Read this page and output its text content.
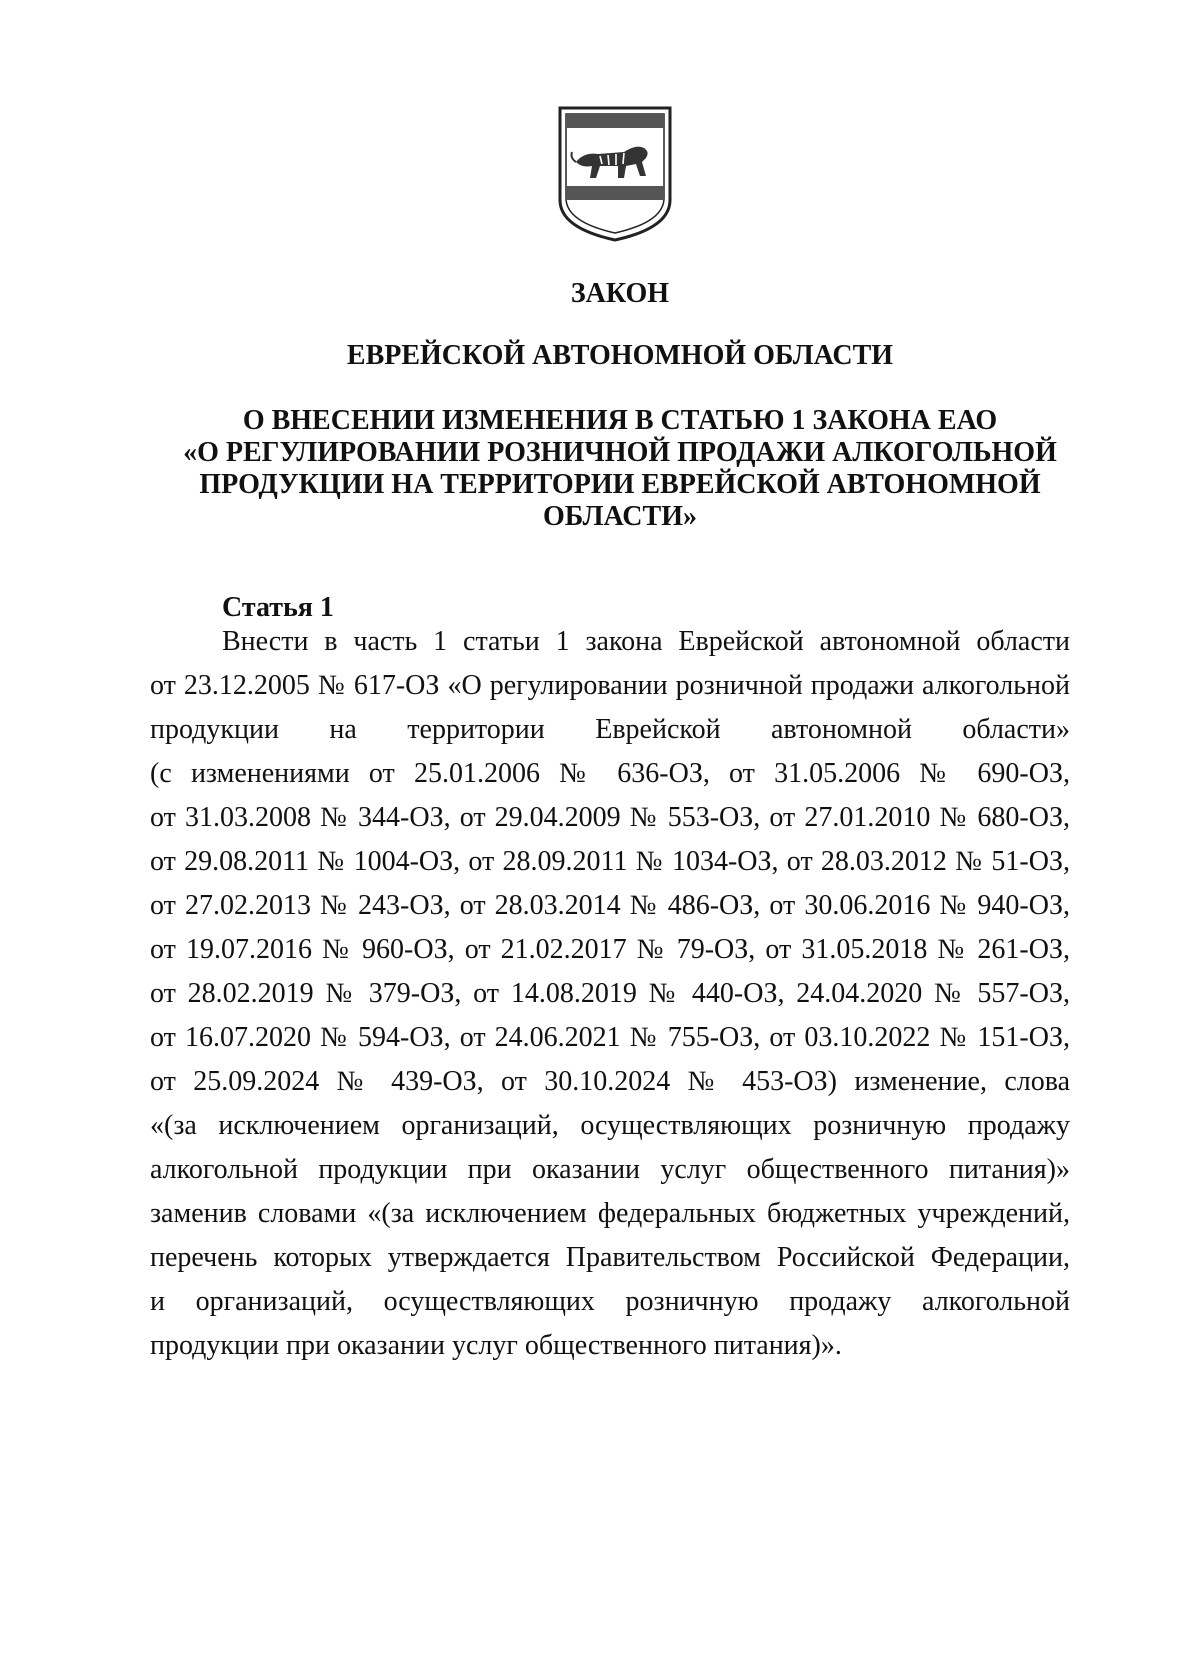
ЗАКОН

ЕВРЕЙСКОЙ АВТОНОМНОЙ ОБЛАСТИ

О ВНЕСЕНИИ ИЗМЕНЕНИЯ В СТАТЬЮ 1 ЗАКОНА ЕАО

«О РЕГУЛИРОВАНИИ РОЗНИЧНОЙ ПРОДАЖИ АЛКОГОЛЬНОЙ

ПРОДУКЦИИ НА ТЕРРИТОРИИ ЕВРЕЙСКОЙ АВТОНОМНОЙ

ОБЛАСТИ»

Статья 1

Внести в часть 1 статьи 1 закона Еврейской автономной области

от 23.12.2005 № 617-ОЗ «О регулировании розничной продажи алкогольной

продукции на территории Еврейской автономной области»

(с изменениями от 25.01.2006 № 636-ОЗ, от 31.05.2006 № 690-ОЗ,

от 31.03.2008 № 344-ОЗ, от 29.04.2009 № 553-ОЗ, от 27.01.2010 № 680-ОЗ,

от 29.08.2011 № 1004-ОЗ, от 28.09.2011 № 1034-ОЗ, от 28.03.2012 № 51-ОЗ,

от 27.02.2013 № 243-ОЗ, от 28.03.2014 № 486-ОЗ, от 30.06.2016 № 940-ОЗ,

от 19.07.2016 № 960-ОЗ, от 21.02.2017 № 79-ОЗ, от 31.05.2018 № 261-ОЗ,

от 28.02.2019 № 379-ОЗ, от 14.08.2019 № 440-ОЗ, 24.04.2020 № 557-ОЗ,

от 16.07.2020 № 594-ОЗ, от 24.06.2021 № 755-ОЗ, от 03.10.2022 № 151-ОЗ,

от 25.09.2024 № 439-ОЗ, от 30.10.2024 № 453-ОЗ) изменение, слова

«(за исключением организаций, осуществляющих розничную продажу

алкогольной продукции при оказании услуг общественного питания)»

заменив словами «(за исключением федеральных бюджетных учреждений,

перечень которых утверждается Правительством Российской Федерации,

и организаций, осуществляющих розничную продажу алкогольной

продукции при оказании услуг общественного питания)».
